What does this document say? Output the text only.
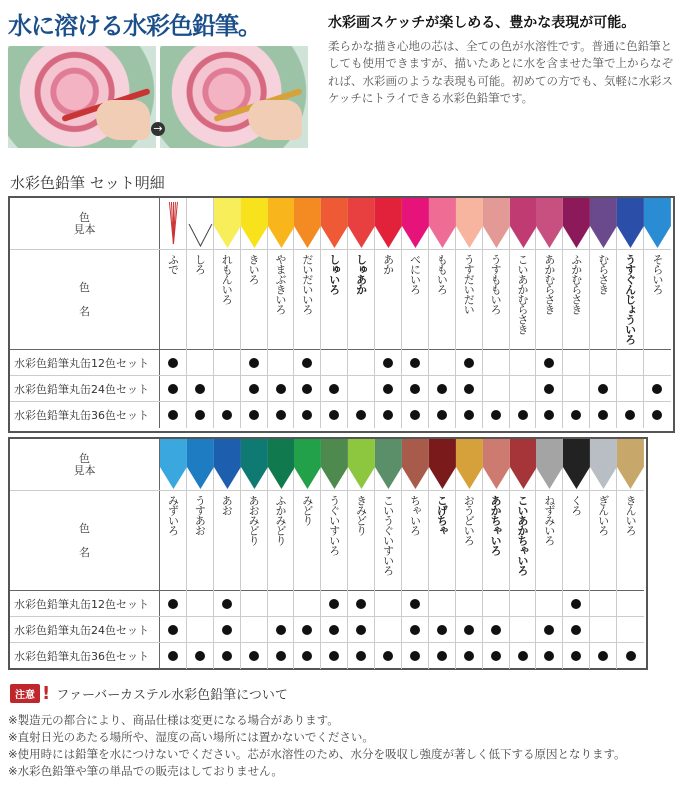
水に溶ける水彩色鉛筆。
→
水彩画スケッチが楽しめる、豊かな表現が可能。
柔らかな描き心地の芯は、全ての色が水溶性です。普通に色鉛筆としても使用できますが、描いたあとに水を含ませた筆で上からなぞれば、水彩画のような表現も可能。初めての方でも、気軽に水彩スケッチにトライできる水彩色鉛筆です。
水彩色鉛筆 セット明細
色
見本
色

名
ふで しろ れもんいろ きいろ やまぶきいろ だいだいいろ しゅいろ しゅあか あか べにいろ ももいろ うすだいだい うすももいろ こいあかむらさき あかむらさき ふかむらさき むらさき うすぐんじょういろ そらいろ
水彩色鉛筆丸缶12色セット
水彩色鉛筆丸缶24色セット
水彩色鉛筆丸缶36色セット
色
見本
色

名
みずいろ うすあお あお あおみどり ふかみどり みどり うぐいすいろ きみどり こいうぐいすいろ ちゃいろ こげちゃ おうどいろ あかちゃいろ こいあかちゃいろ ねずみいろ くろ ぎんいろ きんいろ
水彩色鉛筆丸缶12色セット
水彩色鉛筆丸缶24色セット
水彩色鉛筆丸缶36色セット
注意 ! ファーバーカステル水彩色鉛筆について
※製造元の都合により、商品仕様は変更になる場合があります。
※直射日光のあたる場所や、湿度の高い場所には置かないでください。
※使用時には鉛筆を水につけないでください。芯が水溶性のため、水分を吸収し強度が著しく低下する原因となります。
※水彩色鉛筆や筆の単品での販売はしておりません。
